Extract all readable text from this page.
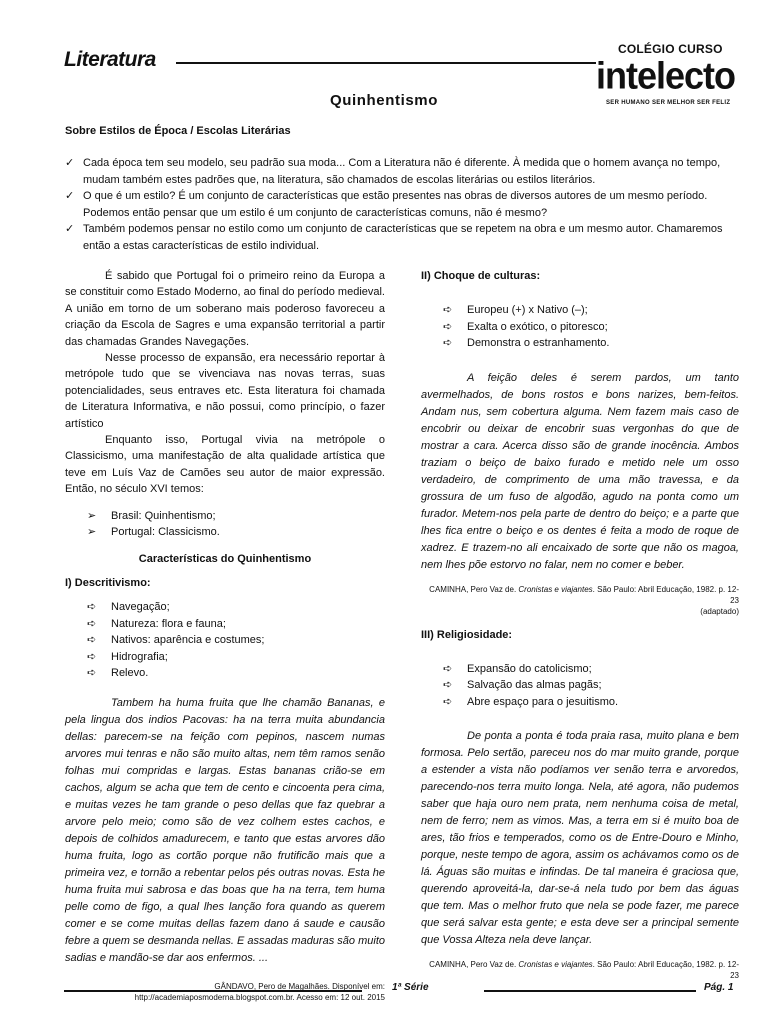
Literatura	COLÉGIO CURSO
intelecto
SER HUMANO SER MELHOR SER FELIZ
Quinhentismo
Sobre Estilos de Época / Escolas Literárias
✓ Cada época tem seu modelo, seu padrão sua moda... Com a Literatura não é diferente. À medida que o homem avança no tempo, mudam também estes padrões que, na literatura, são chamados de escolas literárias ou estilos literários.
✓ O que é um estilo? É um conjunto de características que estão presentes nas obras de diversos autores de um mesmo período. Podemos então pensar que um estilo é um conjunto de características comuns, não é mesmo?
✓ Também podemos pensar no estilo como um conjunto de características que se repetem na obra e um mesmo autor. Chamaremos então a estas características de estilo individual.

É sabido que Portugal foi o primeiro reino da Europa a se constituir como Estado Moderno, ao final do período medieval. A união em torno de um soberano mais poderoso favoreceu a criação da Escola de Sagres e uma expansão territorial a partir das chamadas Grandes Navegações.

Nesse processo de expansão, era necessário reportar à metrópole tudo que se vivenciava nas novas terras, suas potencialidades, seus entraves etc. Esta literatura foi chamada de Literatura Informativa, e não possui, como princípio, o fazer artístico

Enquanto isso, Portugal vivia na metrópole o Classicismo, uma manifestação de alta qualidade artística que teve em Luís Vaz de Camões seu autor de maior expressão. Então, no século XVI temos:

➢ Brasil: Quinhentismo;
➢ Portugal: Classicismo.

Características do Quinhentismo

I) Descritivismo:

➪ Navegação;
➪ Natureza: flora e fauna;
➪ Nativos: aparência e costumes;
➪ Hidrografia;
➪ Relevo.

Tambem ha huma fruita que lhe chamão Bananas, e pela lingua dos indios Pacovas: ha na terra muita abundancia dellas: parecem-se na feição com pepinos, nascem numas arvores mui tenras e não são muito altas, nem têm ramos senão folhas mui compridas e largas. Estas bananas crião-se em cachos, algum se acha que tem de cento e cincoenta pera cima, e muitas vezes he tam grande o peso dellas que faz quebrar a arvore pelo meio; como são de vez colhem estes cachos, e depois de colhidos amadurecem, e tanto que estas arvores dão huma fruita, logo as cortão porque não frutificão mais que a primeira vez, e tornão a rebentar pelos pés outras novas. Esta he huma fruita mui sabrosa e das boas que ha na terra, tem huma pelle como de figo, a qual lhes lanção fora quando as querem comer e se come muitas dellas fazem dano á saude e causão febre a quem se desmanda nellas. E assadas maduras são muito sadias e mandão-se dar aos enfermos. ...

GÂNDAVO, Pero de Magalhães. Disponível em:

http://academiaposmoderna.blogspot.com.br. Acesso em: 12 out. 2015

II) Choque de culturas:

➪ Europeu (+) x Nativo (–);
➪ Exalta o exótico, o pitoresco;
➪ Demonstra o estranhamento.

A feição deles é serem pardos, um tanto avermelhados, de bons rostos e bons narizes, bem-feitos. Andam nus, sem cobertura alguma. Nem fazem mais caso de encobrir ou deixar de encobrir suas vergonhas do que de mostrar a cara. Acerca disso são de grande inocência. Ambos traziam o beiço de baixo furado e metido nele um osso verdadeiro, de comprimento de uma mão travessa, e da grossura de um fuso de algodão, agudo na ponta como um furador. Metem-nos pela parte de dentro do beiço; e a parte que lhes fica entre o beiço e os dentes é feita a modo de roque de xadrez. E trazem-no ali encaixado de sorte que não os magoa, nem lhes põe estorvo no falar, nem no comer e beber.

CAMINHA, Pero Vaz de. Cronistas e viajantes. São Paulo: Abril Educação, 1982. p. 12-23

(adaptado)

III) Religiosidade:

➪ Expansão do catolicismo;
➪ Salvação das almas pagãs;
➪ Abre espaço para o jesuitismo.

De ponta a ponta é toda praia rasa, muito plana e bem formosa. Pelo sertão, pareceu nos do mar muito grande, porque a estender a vista não podíamos ver senão terra e arvoredos, parecendo-nos terra muito longa. Nela, até agora, não pudemos saber que haja ouro nem prata, nem nenhuma coisa de metal, nem de ferro; nem as vimos. Mas, a terra em si é muito boa de ares, tão frios e temperados, como os de Entre-Douro e Minho, porque, neste tempo de agora, assim os achávamos como os de lá. Águas são muitas e infindas. De tal maneira é graciosa que, querendo aproveitá-la, dar-se-á nela tudo por bem das águas que tem. Mas o melhor fruto que nela se pode fazer, me parece que será salvar esta gente; e esta deve ser a principal semente que Vossa Alteza nela deve lançar.

CAMINHA, Pero Vaz de. Cronistas e viajantes. São Paulo: Abril Educação, 1982. p. 12-23

1ª Série	Pág. 1
